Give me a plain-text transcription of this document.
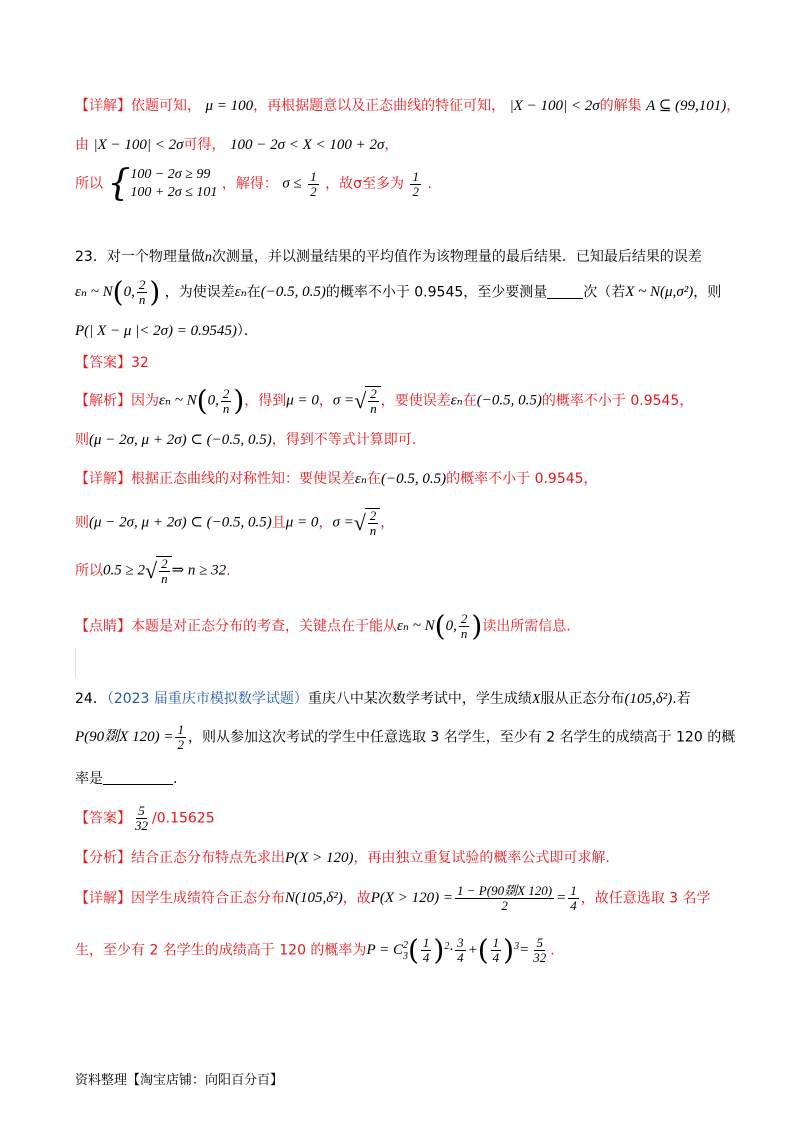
【详解】依题可知， μ = 100，再根据题意以及正态曲线的特征可知， |X − 100| < 2σ的解集 A ⊆ (99,101)，
由 |X − 100| < 2σ可得， 100 − 2σ < X < 100 + 2σ，
所以 { 100 − 2σ ≥ 99
100 + 2σ ≤ 101
，解得： $\sigma \le \frac{1}{2}$ ，故σ至多为 $\frac{1}{2}$ .
23．对一个物理量做n次测量，并以测量结果的平均值作为该物理量的最后结果．已知最后结果的误差
εₙ ~ N(0, $\frac{2}{n}$ ) ，为使误差εₙ在(−0.5, 0.5)的概率不小于 0.9545，至少要测量	次（若X ~ N(μ,σ²)，则
P(| X − μ |< 2σ) = 0.9545)）．
【答案】32
【解析】因为εₙ ~ N(0, $\frac{2}{n}$ )，得到μ = 0，σ = √ $\frac{2}{n}$ ，要使误差εₙ在(−0.5, 0.5)的概率不小于 0.9545，
则(μ − 2σ, μ + 2σ) ⊂ (−0.5, 0.5)，得到不等式计算即可.
【详解】根据正态曲线的对称性知：要使误差εₙ在(−0.5, 0.5)的概率不小于 0.9545，
则(μ − 2σ, μ + 2σ) ⊂ (−0.5, 0.5)且μ = 0，σ = √ $\frac{2}{n}$ ，
所以0.5 ≥ 2 √ $\frac{2}{n}$ ⇒ n ≥ 32.
【点睛】本题是对正态分布的考查，关键点在于能从εₙ ~ N(0, $\frac{2}{n}$ )读出所需信息.
24．（2023 届重庆市模拟数学试题）重庆八中某次数学考试中，学生成绩X服从正态分布(105,δ²).若
P(90剟X $120) = \frac{1}{2}$ ，则从参加这次考试的学生中任意选取 3 名学生，至少有 2 名学生的成绩高于 120 的概
率是	.
【答案】 $\frac{5}{32} /0.15625$
【分析】结合正态分布特点先求出P(X > 120)，再由独立重复试验的概率公式即可求解.
【详解】因学生成绩符合正态分布N(105,δ²)，故$P(X > 120) = \frac{\text{1 − P(90剟X 120)}}{2} = \frac{1}{4}$ ，故任意选取 3 名学
生，至少有 2 名学生的成绩高于 120 的概率为P = C 2
3 ( $\frac{1}{4} )^2\cdot \frac{3}{4}$ +( $\frac{1}{4} )^3= \frac{5}{32}$ .
资料整理【淘宝店铺：向阳百分百】
